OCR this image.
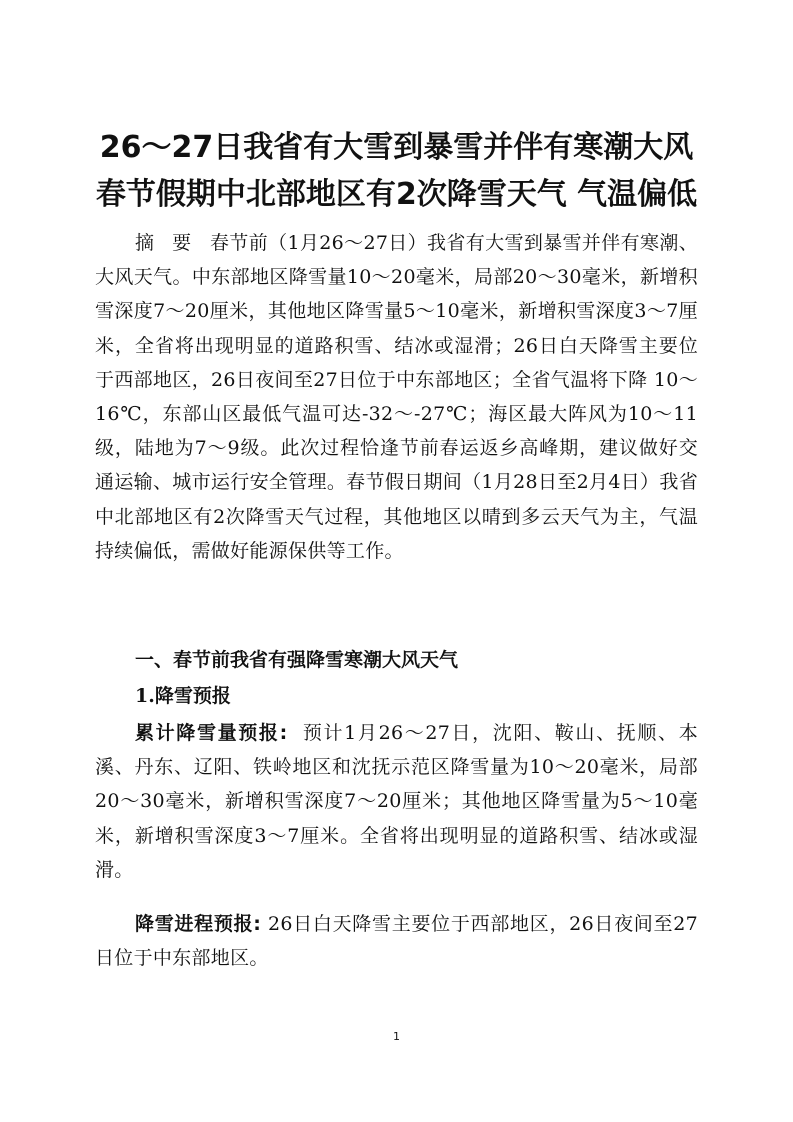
26～27日我省有大雪到暴雪并伴有寒潮大风
春节假期中北部地区有2次降雪天气 气温偏低

摘 要 春节前（1月26～27日）我省有大雪到暴雪并伴有寒潮、大风天气。中东部地区降雪量10～20毫米，局部20～30毫米，新增积雪深度7～20厘米，其他地区降雪量5～10毫米，新增积雪深度3～7厘米，全省将出现明显的道路积雪、结冰或湿滑；26日白天降雪主要位于西部地区，26日夜间至27日位于中东部地区；全省气温将下降 10～16℃，东部山区最低气温可达-32～-27℃；海区最大阵风为10～11级，陆地为7～9级。此次过程恰逢节前春运返乡高峰期，建议做好交通运输、城市运行安全管理。春节假日期间（1月28日至2月4日）我省中北部地区有2次降雪天气过程，其他地区以晴到多云天气为主，气温持续偏低，需做好能源保供等工作。

一、春节前我省有强降雪寒潮大风天气
1.降雪预报

累计降雪量预报: 预计1月26～27日，沈阳、鞍山、抚顺、本溪、丹东、辽阳、铁岭地区和沈抚示范区降雪量为10～20毫米，局部20～30毫米，新增积雪深度7～20厘米；其他地区降雪量为5～10毫米，新增积雪深度3～7厘米。全省将出现明显的道路积雪、结冰或湿滑。

降雪进程预报: 26日白天降雪主要位于西部地区，26日夜间至27日位于中东部地区。

1
